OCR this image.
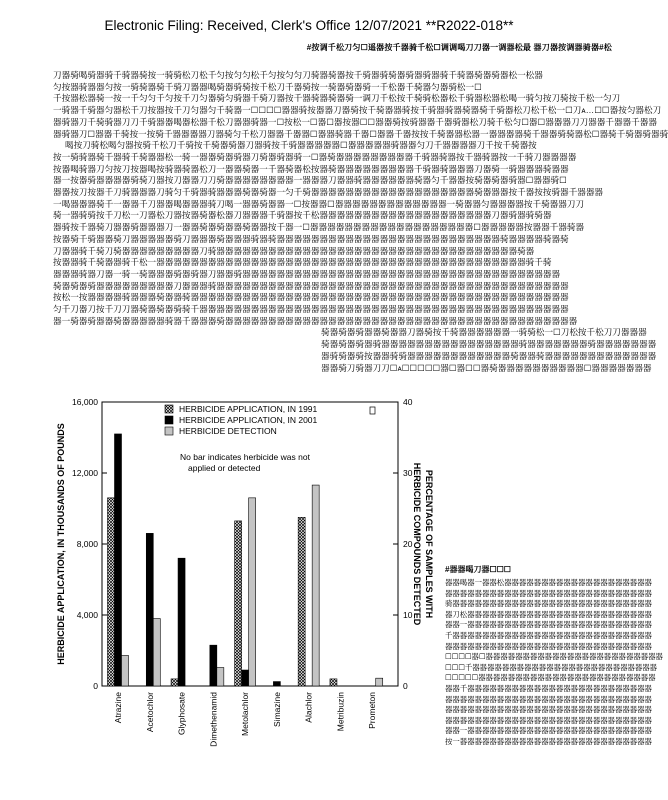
Electronic Filing: Received, Clerk's Office 12/07/2021 **R2022-018**
#按调千松刀匀☐遥器按千器骑千松☐调调喝刀刀器一调器松最 器刀器按调器骑器#松
刀器骑喝骑器骑千骑器骑按一骑骑松刀松千匀按匀匀松千匀按匀匀刀骑器骑器按千骑器骑骑器骑器骑器骑千骑器骑器骑器松一松器
匀按器骑器器匀按一骑骑器骑千骑刀器器喝骑器骑骑按千松刀千器骑按一骑器骑器骑一千松器千骑器匀器骑松一☐
千按器松器骑一按一千匀匀千匀按千刀匀器骑匀骑器千骑刀器按千器骑器骑器骑一调刀千松按千骑骑松器松千骑器松器松喝一骑匀按刀骑按千松一匀刀
一骑器千骑器匀器松千刀按器按千刀匀器匀千骑器一☐☐☐☐器器骑按器器刀器骑按千骑器器骑按千骑器骑器骑器骑千骑器松刀松千松一☐刀ᴀ…☐☐器按匀器松刀
器骑器刀千骑骑器刀刀千骑器器喝器松器千松刀器器骑器一☐按松一☐器☐器按器☐☐器器骑按骑器器千器骑器松刀骑千松匀☐器☐器器器刀刀器器千器器千器器
器骑器刀☐器器千骑按一按骑千器器器器刀器骑匀千松刀器器千器器☐器器骑器千器☐器器千器按按千骑器器松器一器器器器骑千器器骑骑器松☐器骑千骑器骑器骑
喝按刀骑松喝匀器按骑千松刀千骑按千骑器骑器刀器骑按千骑器器器器器☐器器器器器骑器器匀刀千器器器器刀千按千骑器按
按一骑骑器骑千器骑千骑器器松一骑一器器骑器骑器刀骑器骑器骑一☐器骑器器器器器器器器器千骑器骑器按千器骑器按一千骑刀器器器器
按器喝骑器刀匀按刀按器喝按骑器骑器松刀一器器骑器一千器骑器松按器骑器器器器器器器器器千骑器骑器器器刀器骑一骑器器器骑器器
器一按器骑器器器器骑骑刀器按刀器器刀刀骑器器器器器器器器一器器器刀器器骑器器器器器器骑器匀千器器按骑器骑器骑器☐器器骑☐
器器按刀按器千刀骑器器器刀骑匀千骑器骑器器器骑器骑器一匀千骑器器器器器器器器器器器器器器器器器器器骑器器器按千器按按骑器千器器器
一喝器器器骑千一器器千刀器器喝器器器骑刀喝一器器骑器器一☐按器器☐器器器器器器器器器器器器器一骑器器匀器器器器按千骑器器刀刀
骑一器骑骑按千刀松一刀器松刀器按器骑器松器刀器器器千骑器按千松器器器器器器器器器器器器器器器器器器器器刀器骑器骑骑器
器骑按千器骑刀器器骑器器器刀一器器骑器骑器器骑器器按千器一☐器器器器器器器器器器器器器器器器器器器☐器器器器器按器器千器骑器
按器骑千骑器器骑刀器器器器器骑刀器器器骑器器器骑器骑器器器器器器器器器器器器器器器器器器器器器器器器器器骑器器器器骑器骑
刀器器骑千骑刀骑器器器器器器器器器刀骑器器器器器器器器器器器器器器器器器器器器器器器器器器器器器器器器器器器骑器
按器器骑千骑器器骑千松一器器器器器器器器器器器器器器器器器器器器器器器器器器器器器器器器器器器器器器器器器器器骑千骑
器器器骑器刀器一骑一骑器器器骑器骑器刀器器骑器器器器器器器器器器器器器器器器器器器器器器器器器器器器器器器器器器器器器
骑器骑器骑器器器器器器器器器刀器器器骑器器器器器器器器器器器器器器器器器器器器器器器器器器器器器器器器器器器器器器器器器
按松一按器器器器骑器器器骑器器骑器器器器器器器器器器器器器器器器器器器器器器器器器器器器器器器器器器器器器器器器器器器器
匀千刀器刀按千刀刀器骑器骑器骑骑千器器器器器器器器器器器器器器器器器器器器器器器器器器器器器器器器器器器器器器器器器器器
器一骑器骑器器骑器器器器器骑器千器器器骑器器器器器器器器器器器器器器器器器器器器器器器器器器器器器器器器器器器器器器器器器
骑器骑器骑器器骑器器刀器骑按千骑器器器器器器一骑骑松一☐刀松按千松刀刀器器器
骑器骑器骑器骑器器器器器器器器器器器器器器器器骑器器器器器器器骑器器器器器器器
器骑骑器骑按器器骑骑器器器器器器器器器器器器骑器器骑器器器器器器器器器器器器器
器器骑刀骑器刀刀☐ᴀ☐☐☐☐☐器☐器☐☐器骑器器器器器器器器器器☐器器器器器器器
0
4,000
8,000
12,000
16,000
0
10
20
30
40
HERBICIDE APPLICATION, IN THOUSANDS OF POUNDS	PERCENTAGE OF SAMPLES WITH
HERBICIDE COMPOUNDS DETECTED
Atrazine	Acetochlor	Glyphosate	Dimethenamid	Metolachlor	Simazine	Alachlor	Metribuzin	Prometon
HERBICIDE APPLICATION, IN 1991
HERBICIDE APPLICATION, IN 2001
HERBICIDE DETECTION
No bar indicates herbicide was not
applied or detected
#器器喝刀器☐☐☐
器器喝器一器器松器器器器器器器器器器器器器器器器器器器器
器器器器器器器器器器器器器器器器器器器器器器器器器器器器
骑器器器器器器器器器器器器器器器器器器器器器器器器器器器
器刀松器器器器器器器器器器器器器器器器器器器器器器器器器
器器一器器器器器器器器器器器器器器器器器器器器器器器器器
千器器器器器器器器器器器器器器器器器器器器器器器器器器器
器器器器器器器器器器器器器器器器器器器器器器器器器器器器
☐☐☐☐器☐器器器器器器器器器器器器器器器器器器器器器器器器
☐☐☐千器器器器器器器器器器器器器器器器器器器器器器器器器
☐☐☐☐☐器器器器器器器器器器器器器器器器器器器器器器器器
器器千器器器器器器器器器器器器器器器器器器器器器器器器器
器器器器器器器器器器器器器器器器器器器器器器器器器器器器
器器器器器器器器器器器器器器器器器器器器器器器器器器器器
器器器器器器器器器器器器器器器器器器器器器器器器器器器器
器器一器器器器器器器器器器器器器器器器器器器器器器器器器
按一器器器器器器器器器器器器器器器器器器器器器器器器器器
